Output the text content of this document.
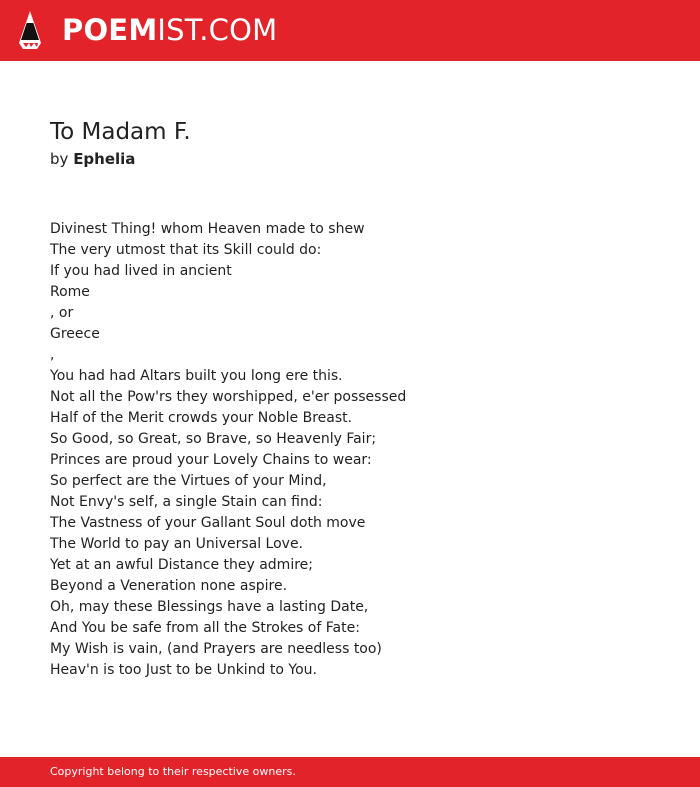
POEMIST.COM
To Madam F.
by Ephelia
Divinest Thing! whom Heaven made to shew
The very utmost that its Skill could do:
If you had lived in ancient
Rome
, or
Greece
,
You had had Altars built you long ere this.
Not all the Pow'rs they worshipped, e'er possessed
Half of the Merit crowds your Noble Breast.
So Good, so Great, so Brave, so Heavenly Fair;
Princes are proud your Lovely Chains to wear:
So perfect are the Virtues of your Mind,
Not Envy's self, a single Stain can find:
The Vastness of your Gallant Soul doth move
The World to pay an Universal Love.
Yet at an awful Distance they admire;
Beyond a Veneration none aspire.
Oh, may these Blessings have a lasting Date,
And You be safe from all the Strokes of Fate:
My Wish is vain, (and Prayers are needless too)
Heav'n is too Just to be Unkind to You.
Copyright belong to their respective owners.
